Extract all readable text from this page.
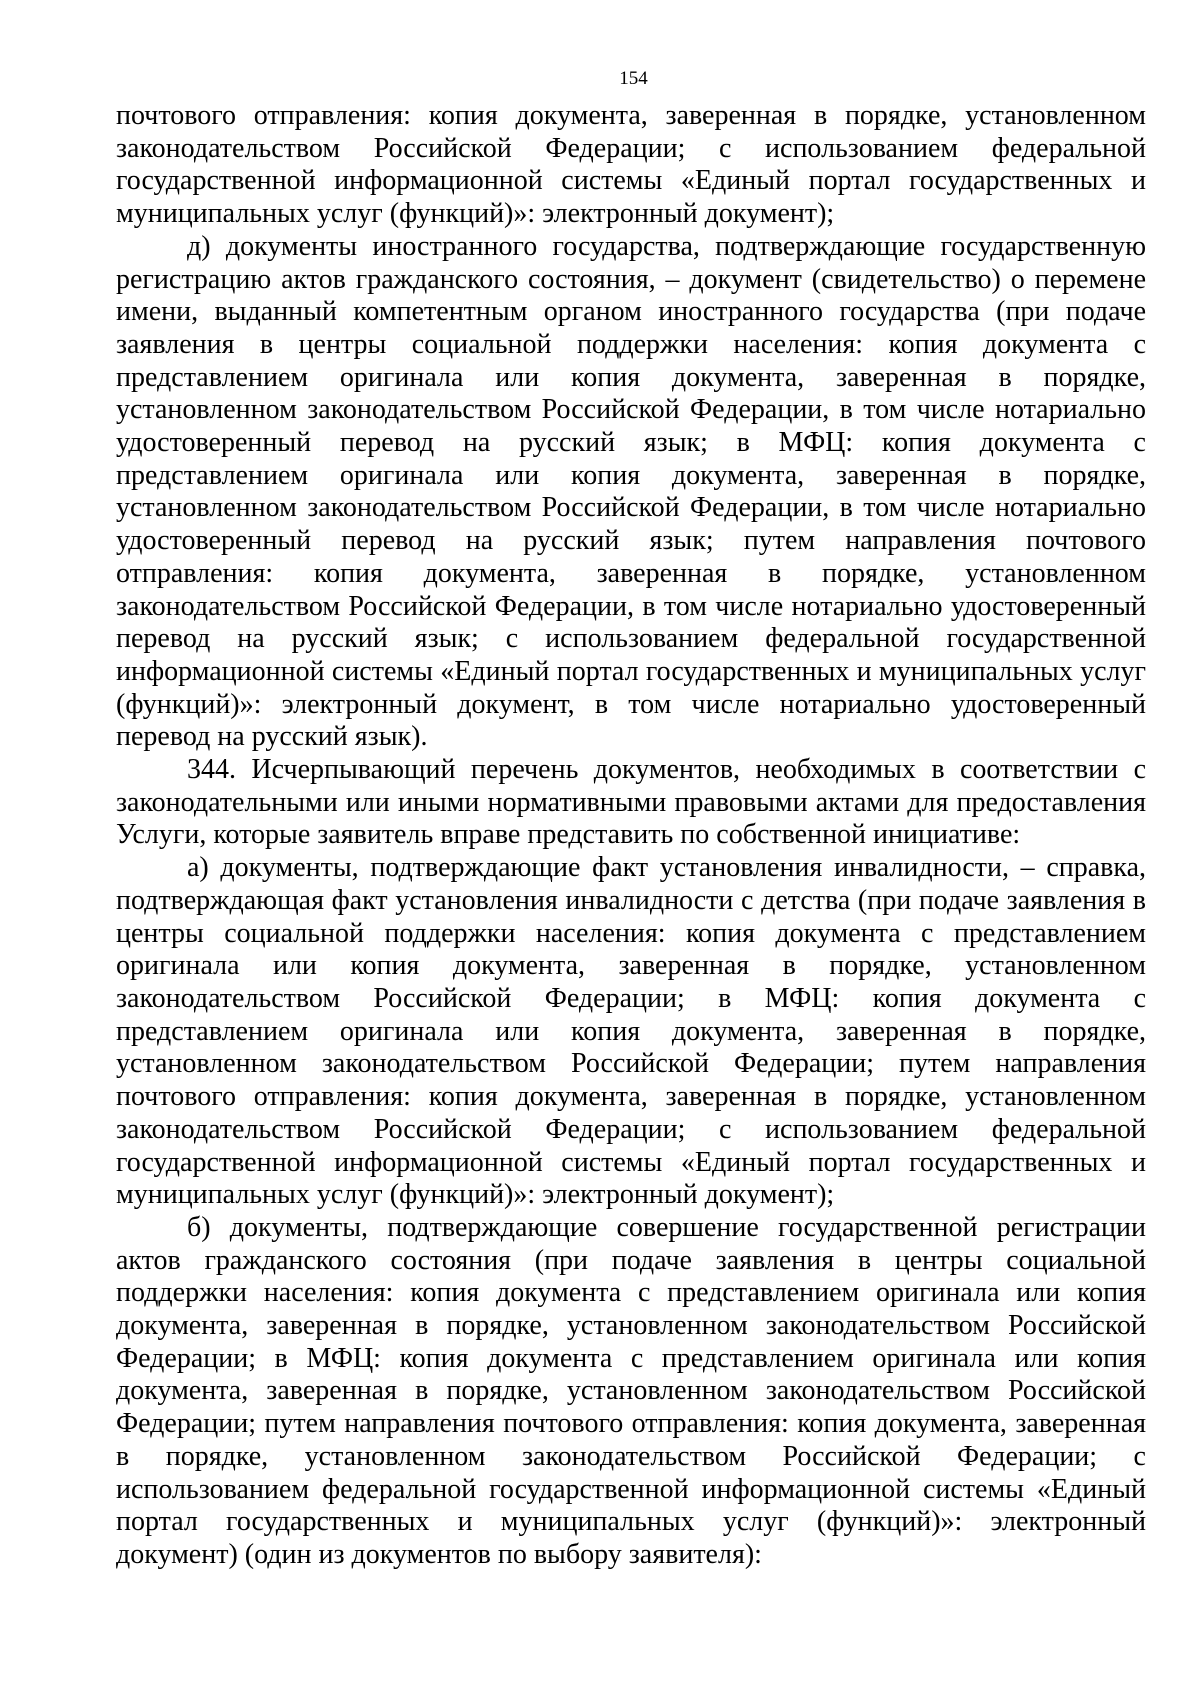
154

почтового отправления: копия документа, заверенная в порядке, установленном законодательством Российской Федерации; с использованием федеральной государственной информационной системы «Единый портал государственных и муниципальных услуг (функций)»: электронный документ);

д) документы иностранного государства, подтверждающие государственную регистрацию актов гражданского состояния, – документ (свидетельство) о перемене имени, выданный компетентным органом иностранного государства (при подаче заявления в центры социальной поддержки населения: копия документа с представлением оригинала или копия документа, заверенная в порядке, установленном законодательством Российской Федерации, в том числе нотариально удостоверенный перевод на русский язык; в МФЦ: копия документа с представлением оригинала или копия документа, заверенная в порядке, установленном законодательством Российской Федерации, в том числе нотариально удостоверенный перевод на русский язык; путем направления почтового отправления: копия документа, заверенная в порядке, установленном законодательством Российской Федерации, в том числе нотариально удостоверенный перевод на русский язык; с использованием федеральной государственной информационной системы «Единый портал государственных и муниципальных услуг (функций)»: электронный документ, в том числе нотариально удостоверенный перевод на русский язык).

344. Исчерпывающий перечень документов, необходимых в соответствии с законодательными или иными нормативными правовыми актами для предоставления Услуги, которые заявитель вправе представить по собственной инициативе:

а) документы, подтверждающие факт установления инвалидности, – справка, подтверждающая факт установления инвалидности с детства (при подаче заявления в центры социальной поддержки населения: копия документа с представлением оригинала или копия документа, заверенная в порядке, установленном законодательством Российской Федерации; в МФЦ: копия документа с представлением оригинала или копия документа, заверенная в порядке, установленном законодательством Российской Федерации; путем направления почтового отправления: копия документа, заверенная в порядке, установленном законодательством Российской Федерации; с использованием федеральной государственной информационной системы «Единый портал государственных и муниципальных услуг (функций)»: электронный документ);

б) документы, подтверждающие совершение государственной регистрации актов гражданского состояния (при подаче заявления в центры социальной поддержки населения: копия документа с представлением оригинала или копия документа, заверенная в порядке, установленном законодательством Российской Федерации; в МФЦ: копия документа с представлением оригинала или копия документа, заверенная в порядке, установленном законодательством Российской Федерации; путем направления почтового отправления: копия документа, заверенная в порядке, установленном законодательством Российской Федерации; с использованием федеральной государственной информационной системы «Единый портал государственных и муниципальных услуг (функций)»: электронный документ) (один из документов по выбору заявителя):
